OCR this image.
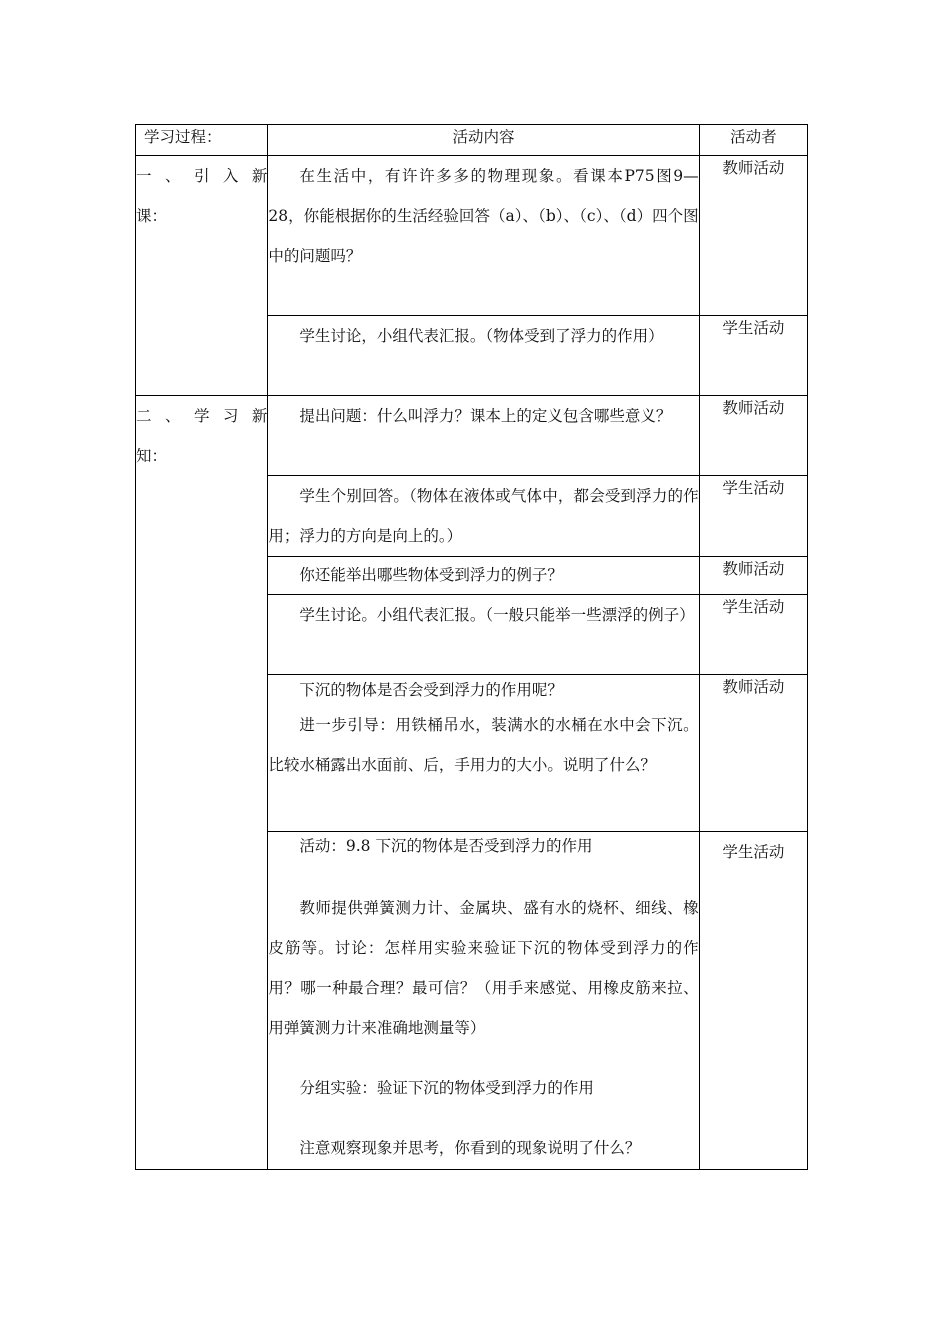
学习过程：	活动内容	活动者

一 、 引 入 新
课：	在生活中，有许许多多的物理现象。看课本P75图9—28，你能根据你的生活经验回答（a）、（b）、（c）、（d）四个图中的问题吗？	教师活动

	学生讨论，小组代表汇报。（物体受到了浮力的作用）	学生活动

二 、 学 习 新
知：	提出问题：什么叫浮力？课本上的定义包含哪些意义？	教师活动

	学生个别回答。（物体在液体或气体中，都会受到浮力的作用；浮力的方向是向上的。）	学生活动

	你还能举出哪些物体受到浮力的例子？	教师活动

	学生讨论。小组代表汇报。（一般只能举一些漂浮的例子）	学生活动

	下沉的物体是否会受到浮力的作用呢？

进一步引导：用铁桶吊水，装满水的水桶在水中会下沉。比较水桶露出水面前、后，手用力的大小。说明了什么？	教师活动

	活动：9.8 下沉的物体是否受到浮力的作用

教师提供弹簧测力计、金属块、盛有水的烧杯、细线、橡皮筋等。讨论：怎样用实验来验证下沉的物体受到浮力的作用？哪一种最合理？最可信？（用手来感觉、用橡皮筋来拉、用弹簧测力计来准确地测量等）

分组实验：验证下沉的物体受到浮力的作用

注意观察现象并思考，你看到的现象说明了什么？	学生活动
